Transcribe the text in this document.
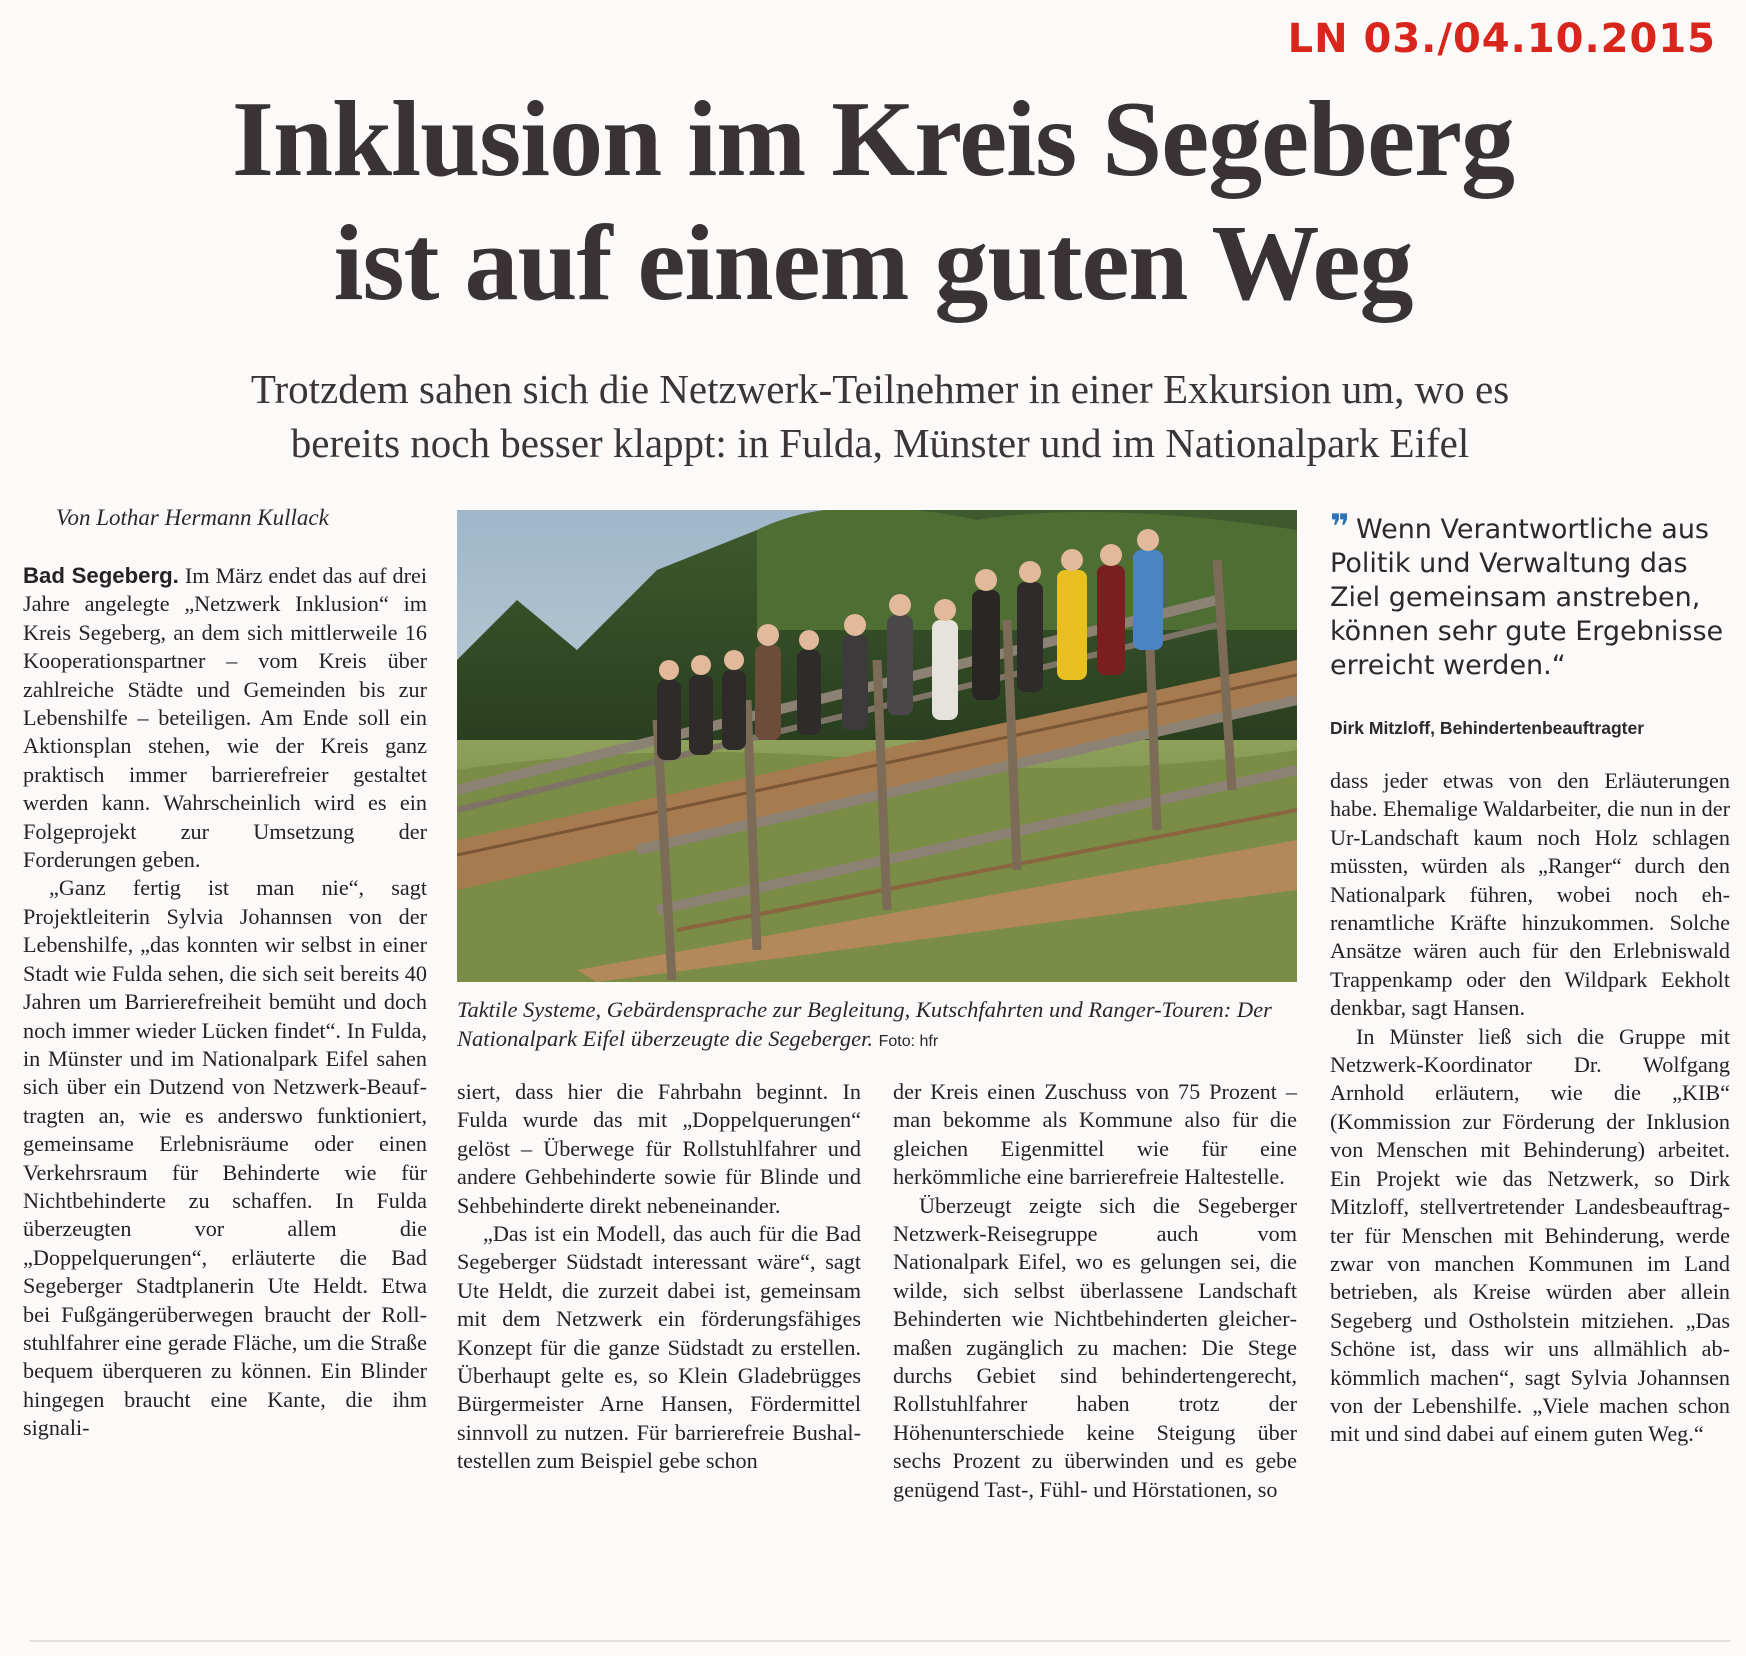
LN 03./04.10.2015
Inklusion im Kreis Segeberg
ist auf einem guten Weg
Trotzdem sahen sich die Netzwerk-Teilnehmer in einer Exkursion um, wo es
bereits noch besser klappt: in Fulda, Münster und im Nationalpark Eifel
Von Lothar Hermann Kullack

Bad Segeberg. Im März endet das auf drei Jahre angelegte „Netzwerk Inklusion“ im Kreis Segeberg, an dem sich mittlerweile 16 Kooperationspartner – vom Kreis über zahlreiche Städte und Gemeinden bis zur Lebenshilfe – beteiligen. Am Ende soll ein Aktionsplan stehen, wie der Kreis ganz praktisch immer barrierefreier gestaltet werden kann. Wahrscheinlich wird es ein Folgeprojekt zur Umsetzung der Forderungen geben.

„Ganz fertig ist man nie“, sagt Projektleiterin Sylvia Johannsen von der Lebenshilfe, „das konnten wir selbst in einer Stadt wie Fulda sehen, die sich seit bereits 40 Jahren um Barrierefreiheit bemüht und doch noch immer wieder Lücken findet“. In Fulda, in Münster und im Nationalpark Eifel sahen sich über ein Dutzend von Netzwerk-Beauftragten an, wie es anderswo funktioniert, gemeinsame Erlebnisräume oder einen Verkehrsraum für Behinderte wie für Nichtbehinderte zu schaffen. In Fulda überzeugten vor allem die „Doppelquerungen“, erläuterte die Bad Segeberger Stadtplanerin Ute Heldt. Etwa bei Fußgängerüberwegen braucht der Rollstuhlfahrer eine gerade Fläche, um die Straße bequem überqueren zu können. Ein Blinder hingegen braucht eine Kante, die ihm signali-

Taktile Systeme, Gebärdensprache zur Begleitung, Kutschfahrten und Ranger-Touren: Der Nationalpark Eifel überzeugte die Segeberger. Foto: hfr

siert, dass hier die Fahrbahn beginnt. In Fulda wurde das mit „Doppelquerungen“ gelöst – Überwege für Rollstuhlfahrer und andere Gehbehinderte sowie für Blinde und Sehbehinderte direkt nebeneinander.

„Das ist ein Modell, das auch für die Bad Segeberger Südstadt interessant wäre“, sagt Ute Heldt, die zurzeit dabei ist, gemeinsam mit dem Netzwerk ein förderungsfähiges Konzept für die ganze Südstadt zu erstellen. Überhaupt gelte es, so Klein Gladebrügges Bürgermeister Arne Hansen, Fördermittel sinnvoll zu nutzen. Für barrierefreie Bushaltestellen zum Beispiel gebe schon

der Kreis einen Zuschuss von 75 Prozent – man bekomme als Kommune also für die gleichen Eigenmittel wie für eine herkömmliche eine barrierefreie Haltestelle.

Überzeugt zeigte sich die Segeberger Netzwerk-Reisegruppe auch vom Nationalpark Eifel, wo es gelungen sei, die wilde, sich selbst überlassene Landschaft Behinderten wie Nichtbehinderten gleichermaßen zugänglich zu machen: Die Stege durchs Gebiet sind behindertengerecht, Rollstuhlfahrer haben trotz der Höhenunterschiede keine Steigung über sechs Prozent zu überwinden und es gebe genügend Tast-, Fühl- und Hörstationen, so

❞ Wenn Verantwortliche aus Politik und Verwaltung das Ziel gemeinsam anstreben, können sehr gute Ergebnisse erreicht werden.“
Dirk Mitzloff, Behindertenbeauftragter

dass jeder etwas von den Erläuterungen habe. Ehemalige Waldarbeiter, die nun in der Ur-Landschaft kaum noch Holz schlagen müssten, würden als „Ranger“ durch den Nationalpark führen, wobei noch ehrenamtliche Kräfte hinzukommen. Solche Ansätze wären auch für den Erlebniswald Trappenkamp oder den Wildpark Eekholt denkbar, sagt Hansen.

In Münster ließ sich die Gruppe mit Netzwerk-Koordinator Dr. Wolfgang Arnhold erläutern, wie die „KIB“ (Kommission zur Förderung der Inklusion von Menschen mit Behinderung) arbeitet. Ein Projekt wie das Netzwerk, so Dirk Mitzloff, stellvertretender Landesbeauftragter für Menschen mit Behinderung, werde zwar von manchen Kommunen im Land betrieben, als Kreise würden aber allein Segeberg und Ostholstein mitziehen. „Das Schöne ist, dass wir uns allmählich abkömmlich machen“, sagt Sylvia Johannsen von der Lebenshilfe. „Viele machen schon mit und sind dabei auf einem guten Weg.“
